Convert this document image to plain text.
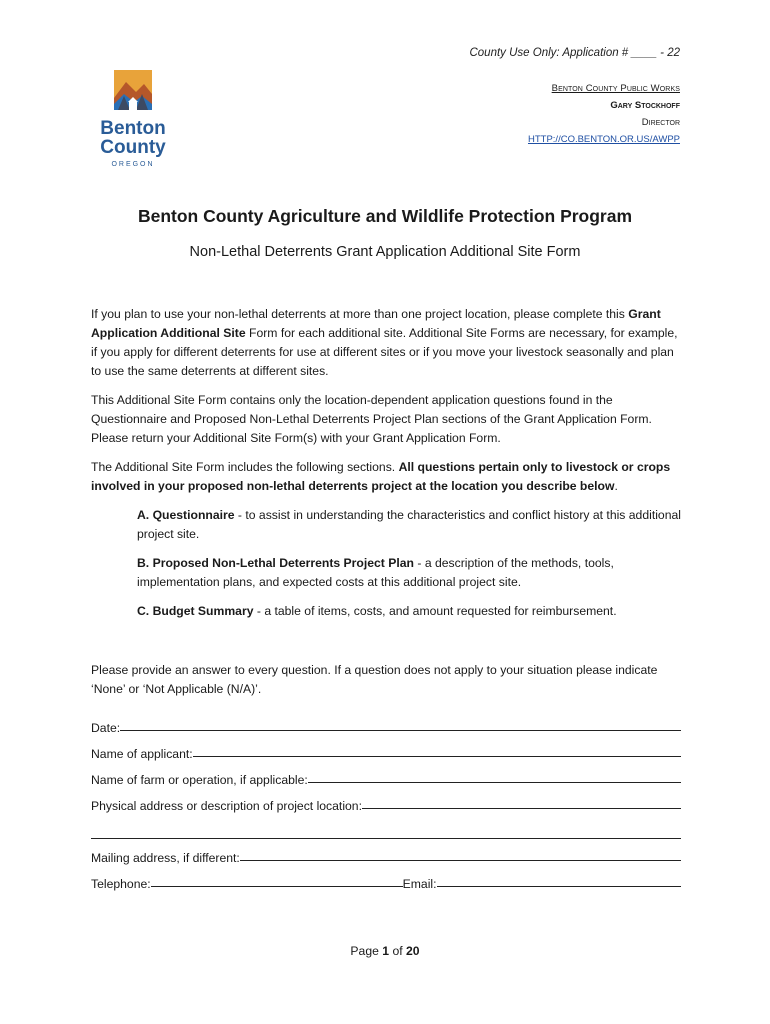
County Use Only: Application # ____ - 22
Benton
County
OREGON
Benton County Public Works
Gary Stockhoff
Director
HTTP://CO.BENTON.OR.US/AWPP
Benton County Agriculture and Wildlife Protection Program
Non-Lethal Deterrents Grant Application Additional Site Form

If you plan to use your non-lethal deterrents at more than one project location, please complete this Grant Application Additional Site Form for each additional site. Additional Site Forms are necessary, for example, if you apply for different deterrents for use at different sites or if you move your livestock seasonally and plan to use the same deterrents at different sites.

This Additional Site Form contains only the location-dependent application questions found in the Questionnaire and Proposed Non-Lethal Deterrents Project Plan sections of the Grant Application Form. Please return your Additional Site Form(s) with your Grant Application Form.

The Additional Site Form includes the following sections. All questions pertain only to livestock or crops involved in your proposed non-lethal deterrents project at the location you describe below.

A. Questionnaire - to assist in understanding the characteristics and conflict history at this additional project site.

B. Proposed Non-Lethal Deterrents Project Plan - a description of the methods, tools, implementation plans, and expected costs at this additional project site.

C. Budget Summary - a table of items, costs, and amount requested for reimbursement.

Please provide an answer to every question. If a question does not apply to your situation please indicate ‘None’ or ‘Not Applicable (N/A)’.
Date:
Name of applicant:
Name of farm or operation, if applicable:
Physical address or description of project location:
Mailing address, if different:
Telephone:	Email:
Page 1 of 20
